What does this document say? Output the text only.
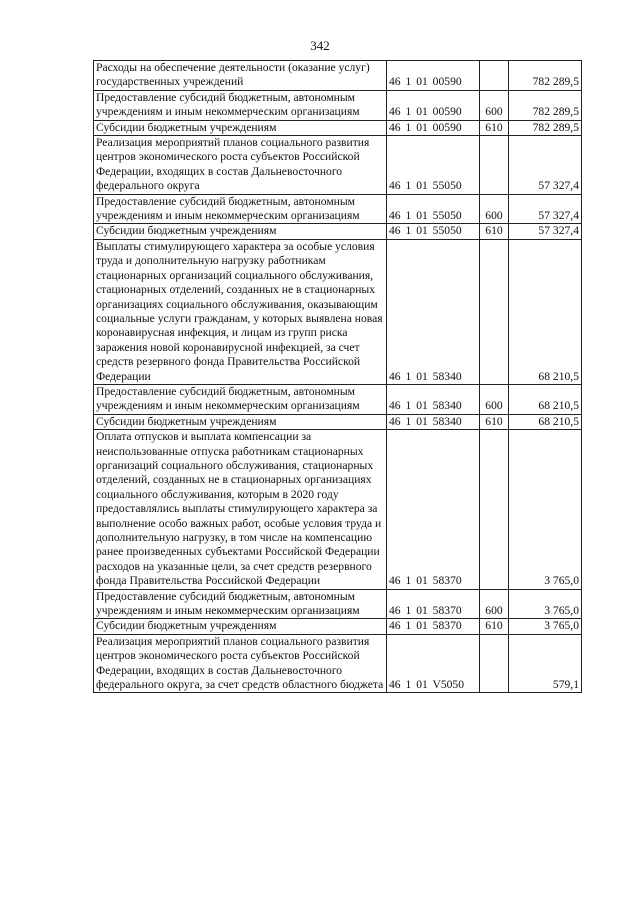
342
Расходы на обеспечение деятельности (оказание услуг) государственных учреждений	46 1 01 00590		782 289,5
Предоставление субсидий бюджетным, автономным учреждениям и иным некоммерческим организациям	46 1 01 00590	600	782 289,5
Субсидии бюджетным учреждениям	46 1 01 00590	610	782 289,5
Реализация мероприятий планов социального развития центров экономического роста субъектов Российской Федерации, входящих в состав Дальневосточного федерального округа	46 1 01 55050		57 327,4
Предоставление субсидий бюджетным, автономным учреждениям и иным некоммерческим организациям	46 1 01 55050	600	57 327,4
Субсидии бюджетным учреждениям	46 1 01 55050	610	57 327,4
Выплаты стимулирующего характера за особые условия труда и дополнительную нагрузку работникам стационарных организаций социального обслуживания, стационарных отделений, созданных не в стационарных организациях социального обслуживания, оказывающим социальные услуги гражданам, у которых выявлена новая коронавирусная инфекция, и лицам из групп риска заражения новой коронавирусной инфекцией, за счет средств резервного фонда Правительства Российской Федерации	46 1 01 58340		68 210,5
Предоставление субсидий бюджетным, автономным учреждениям и иным некоммерческим организациям	46 1 01 58340	600	68 210,5
Субсидии бюджетным учреждениям	46 1 01 58340	610	68 210,5
Оплата отпусков и выплата компенсации за неиспользованные отпуска работникам стационарных организаций социального обслуживания, стационарных отделений, созданных не в стационарных организациях социального обслуживания, которым в 2020 году предоставлялись выплаты стимулирующего характера за выполнение особо важных работ, особые условия труда и дополнительную нагрузку, в том числе на компенсацию ранее произведенных субъектами Российской Федерации расходов на указанные цели, за счет средств резервного фонда Правительства Российской Федерации	46 1 01 58370		3 765,0
Предоставление субсидий бюджетным, автономным учреждениям и иным некоммерческим организациям	46 1 01 58370	600	3 765,0
Субсидии бюджетным учреждениям	46 1 01 58370	610	3 765,0
Реализация мероприятий планов социального развития центров экономического роста субъектов Российской Федерации, входящих в состав Дальневосточного федерального округа, за счет средств областного бюджета	46 1 01 V5050		579,1
